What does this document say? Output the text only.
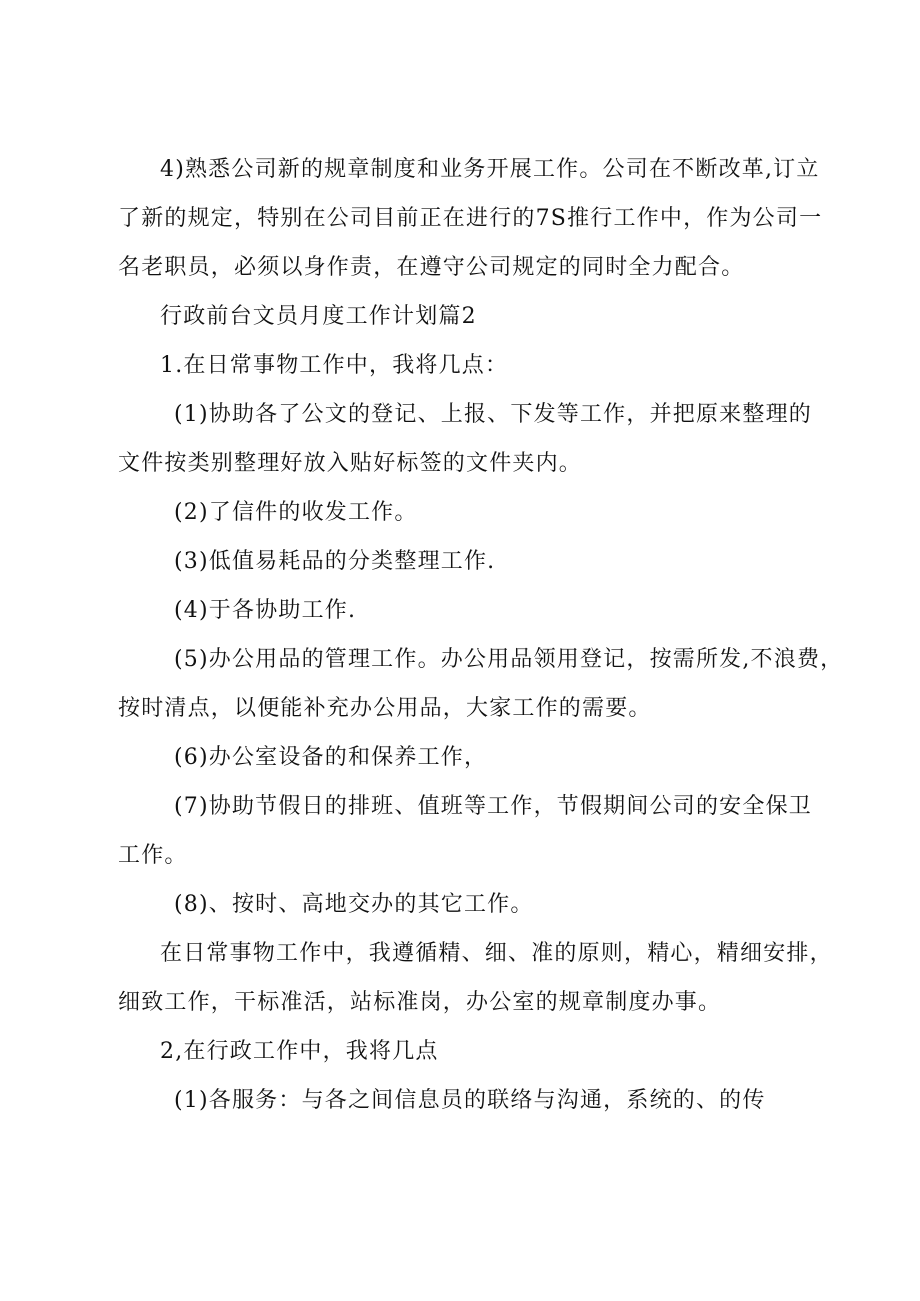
4)熟悉公司新的规章制度和业务开展工作。公司在不断改革,订立
了新的规定，特别在公司目前正在进行的7S推行工作中，作为公司一
名老职员，必须以身作责，在遵守公司规定的同时全力配合。
行政前台文员月度工作计划篇2
1.在日常事物工作中，我将几点：
(1)协助各了公文的登记、上报、下发等工作，并把原来整理的
文件按类别整理好放入贴好标签的文件夹内。
(2)了信件的收发工作。
(3)低值易耗品的分类整理工作.
(4)于各协助工作.
(5)办公用品的管理工作。办公用品领用登记，按需所发,不浪费，
按时清点，以便能补充办公用品，大家工作的需要。
(6)办公室设备的和保养工作，
(7)协助节假日的排班、值班等工作，节假期间公司的安全保卫
工作。
(8)、按时、高地交办的其它工作。
在日常事物工作中，我遵循精、细、准的原则，精心，精细安排，
细致工作，干标准活，站标准岗，办公室的规章制度办事。
2,在行政工作中，我将几点
(1)各服务：与各之间信息员的联络与沟通，系统的、的传
